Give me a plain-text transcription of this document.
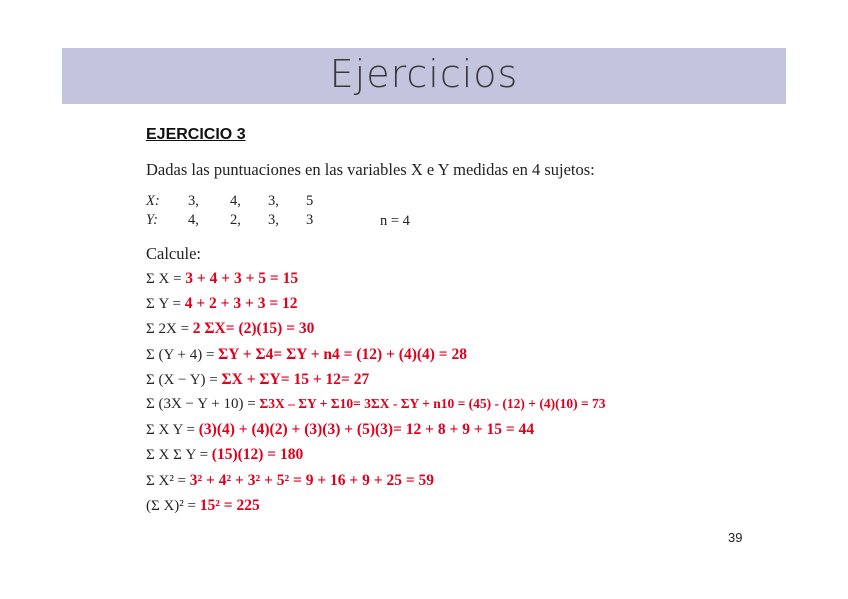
Ejercicios
EJERCICIO 3
Dadas las puntuaciones en las variables X e Y medidas en 4 sujetos:
X: 3, 4, 3, 5
Y: 4, 2, 3, 3	n = 4
Calcule:
Σ X = 3 + 4 + 3 + 5 = 15
Σ Y = 4 + 2 + 3 + 3 = 12
Σ 2X = 2 ΣX= (2)(15) = 30
Σ (Y + 4) = ΣY + Σ4= ΣY + n4 = (12) + (4)(4) = 28
Σ (X − Y) = ΣX + ΣY= 15 + 12= 27
Σ (3X − Y + 10) = Σ3X – ΣY + Σ10= 3ΣX - ΣY + n10 = (45) - (12) + (4)(10) = 73
Σ X Y = (3)(4) + (4)(2) + (3)(3) + (5)(3)= 12 + 8 + 9 + 15 = 44
Σ X Σ Y = (15)(12) = 180
Σ X² = 3² + 4² + 3² + 5² = 9 + 16 + 9 + 25 = 59
(Σ X)² = 15² = 225
39
